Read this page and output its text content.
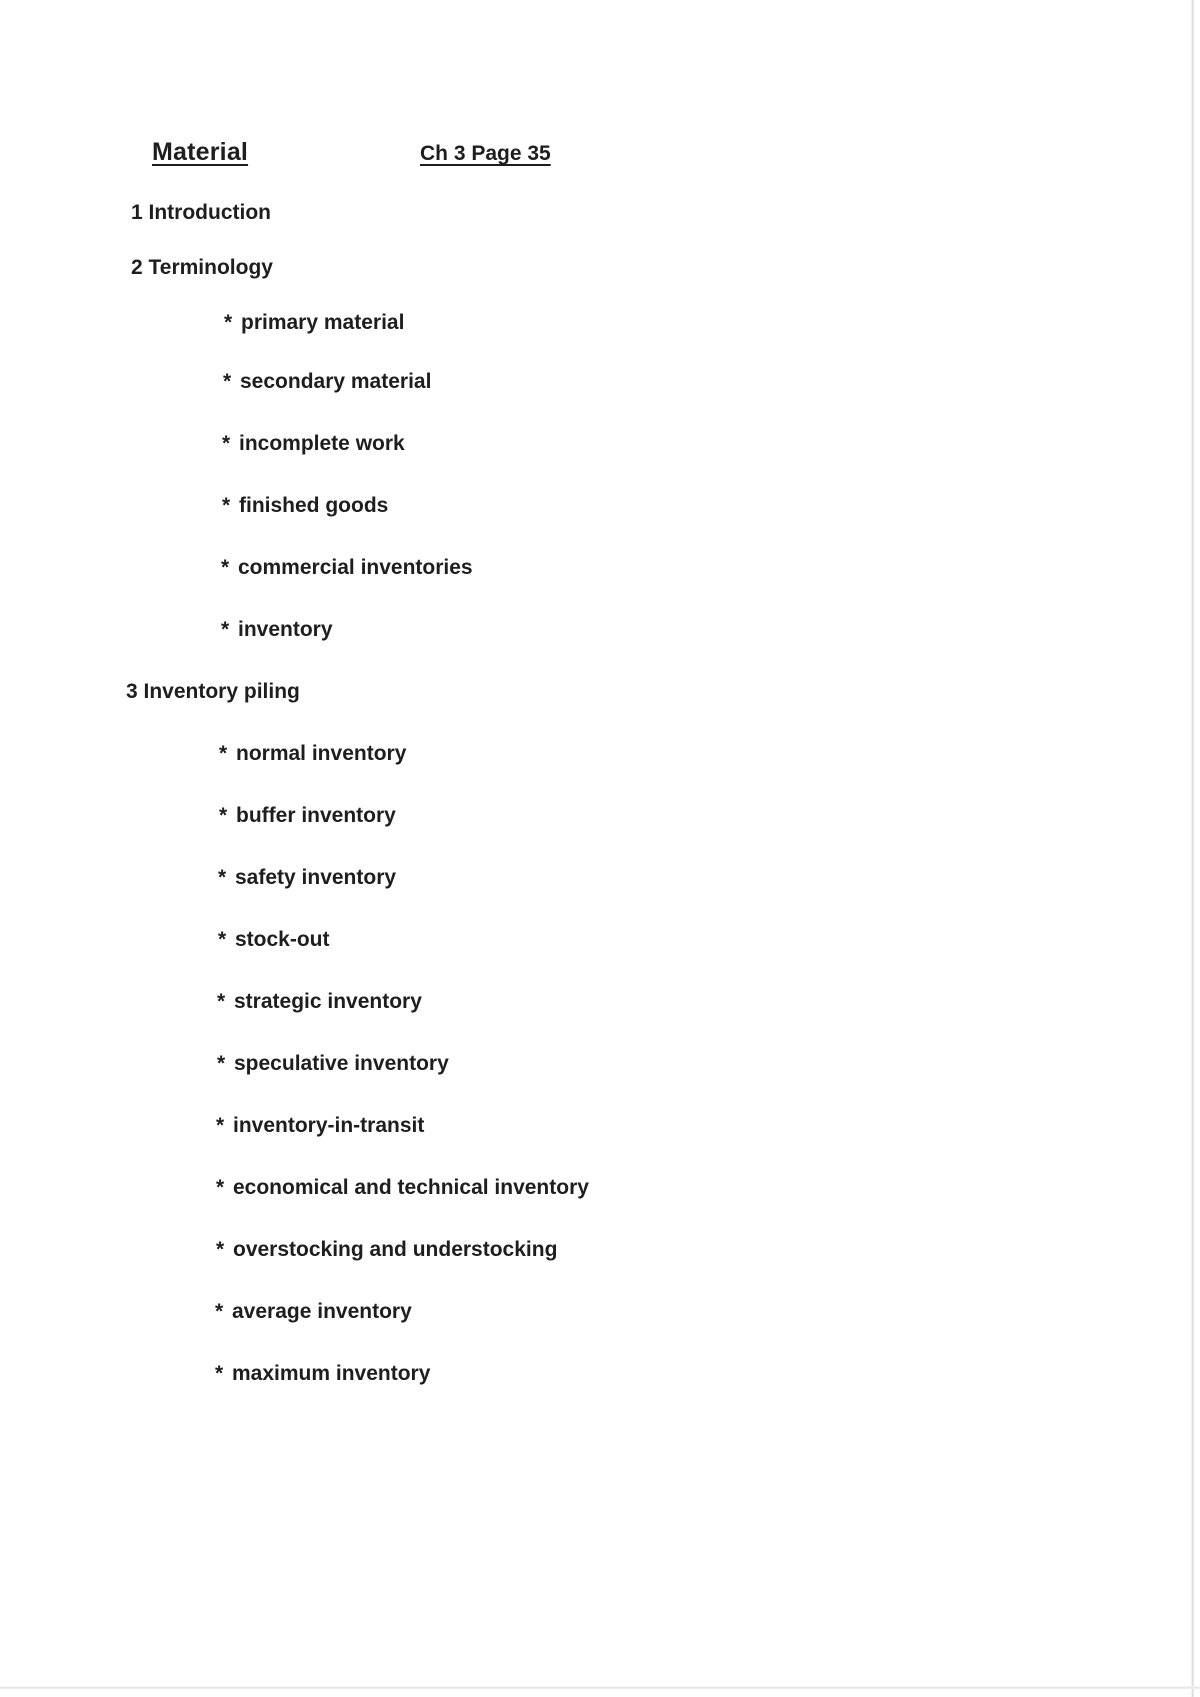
Material	Ch 3 Page 35
1 Introduction
2 Terminology
* primary material
* secondary material
* incomplete work
* finished goods
* commercial inventories
* inventory
3 Inventory piling
* normal inventory
* buffer inventory
* safety inventory
* stock-out
* strategic inventory
* speculative inventory
* inventory-in-transit
* economical and technical inventory
* overstocking and understocking
* average inventory
* maximum inventory
